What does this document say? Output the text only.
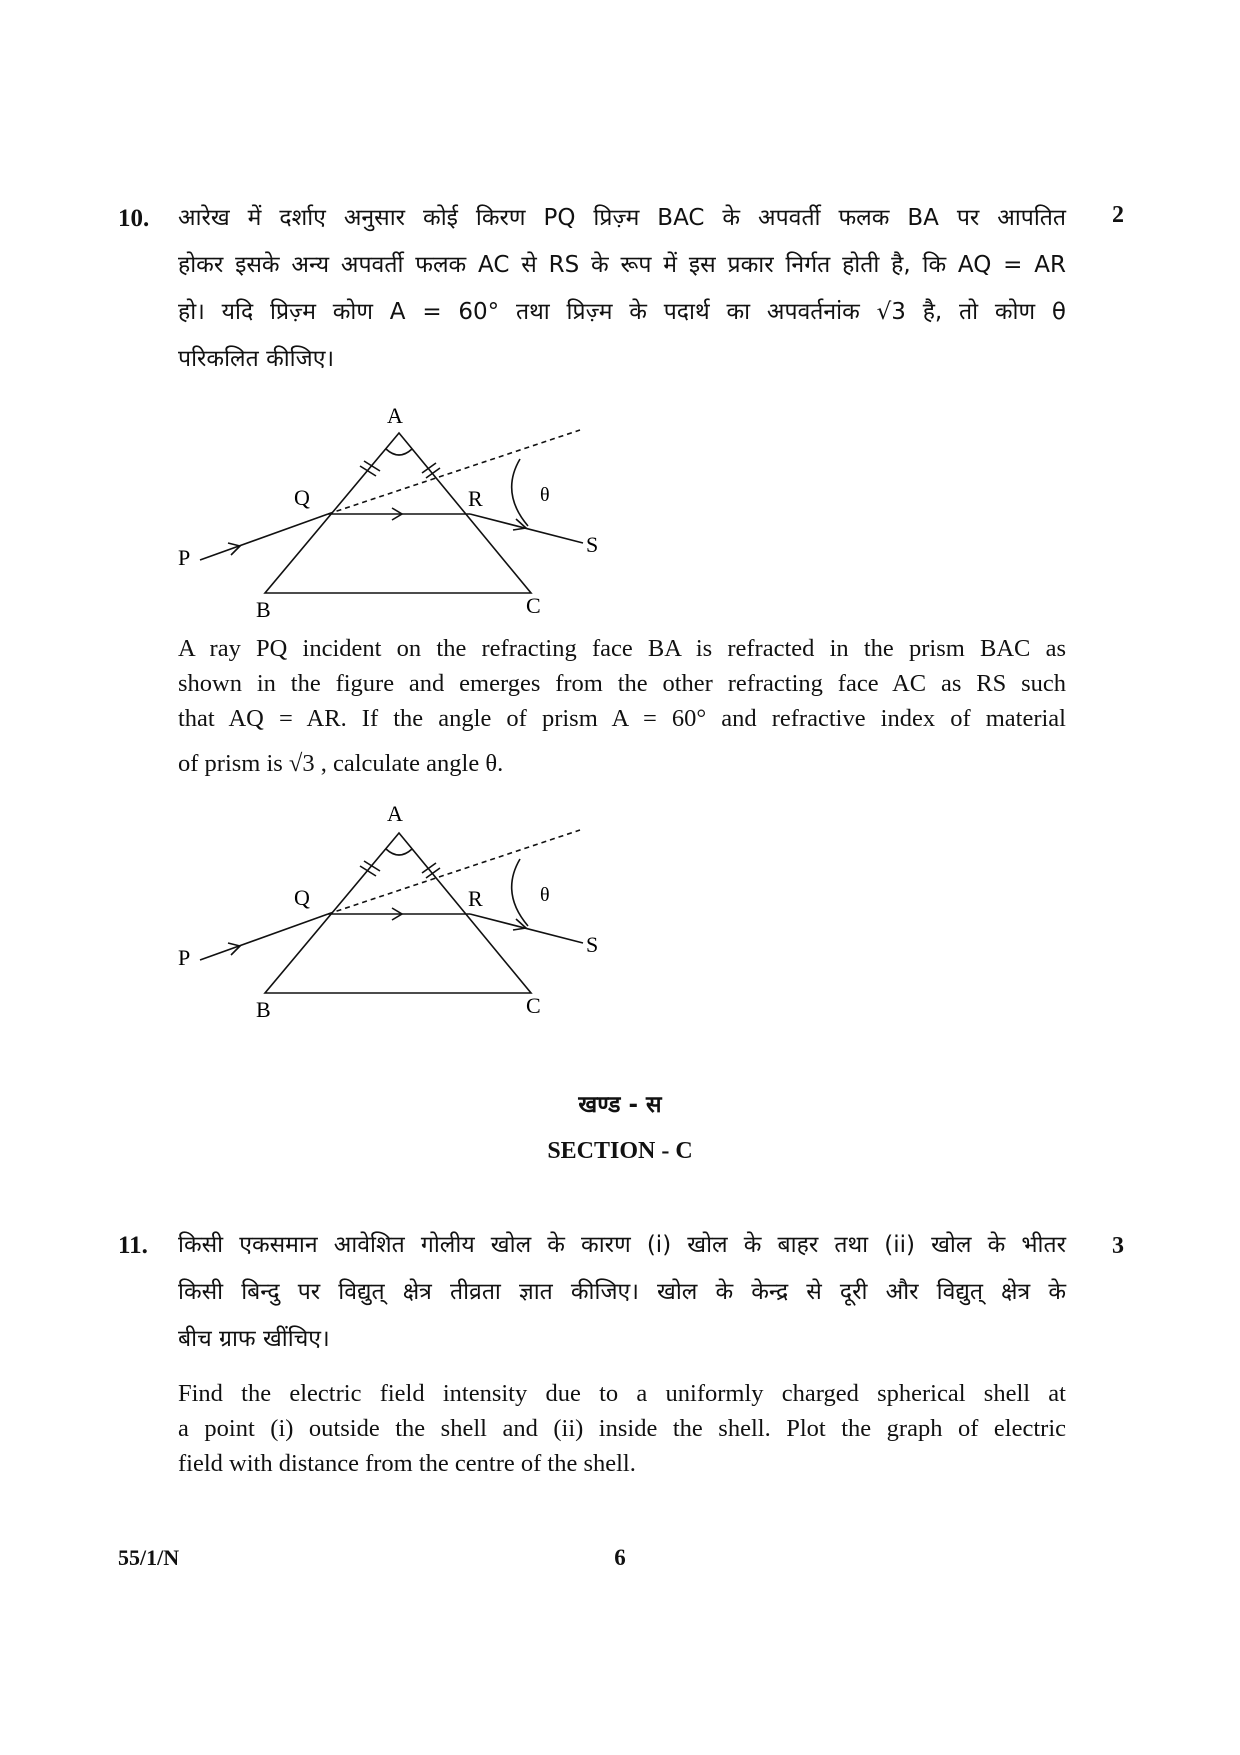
10.	2
आरेख में दर्शाए अनुसार कोई किरण PQ प्रिज़्म BAC के अपवर्ती फलक BA पर आपतित
होकर इसके अन्य अपवर्ती फलक AC से RS के रूप में इस प्रकार निर्गत होती है, कि AQ = AR
हो। यदि प्रिज़्म कोण A = 60° तथा प्रिज़्म के पदार्थ का अपवर्तनांक √3 है, तो कोण θ
परिकलित कीजिए।
A
Q	R	θ
S
P
B	C
A ray PQ incident on the refracting face BA is refracted in the prism BAC as
shown in the figure and emerges from the other refracting face AC as RS such
that AQ = AR. If the angle of prism A = 60° and refractive index of material
of prism is √3 , calculate angle θ.
A
Q	R	θ
S
P
B	C
खण्ड - स
SECTION - C
11.	3
किसी एकसमान आवेशित गोलीय खोल के कारण (i) खोल के बाहर तथा (ii) खोल के भीतर
किसी बिन्दु पर विद्युत् क्षेत्र तीव्रता ज्ञात कीजिए। खोल के केन्द्र से दूरी और विद्युत् क्षेत्र के
बीच ग्राफ खींचिए।
Find the electric field intensity due to a uniformly charged spherical shell at
a point (i) outside the shell and (ii) inside the shell. Plot the graph of electric
field with distance from the centre of the shell.
55/1/N	6
